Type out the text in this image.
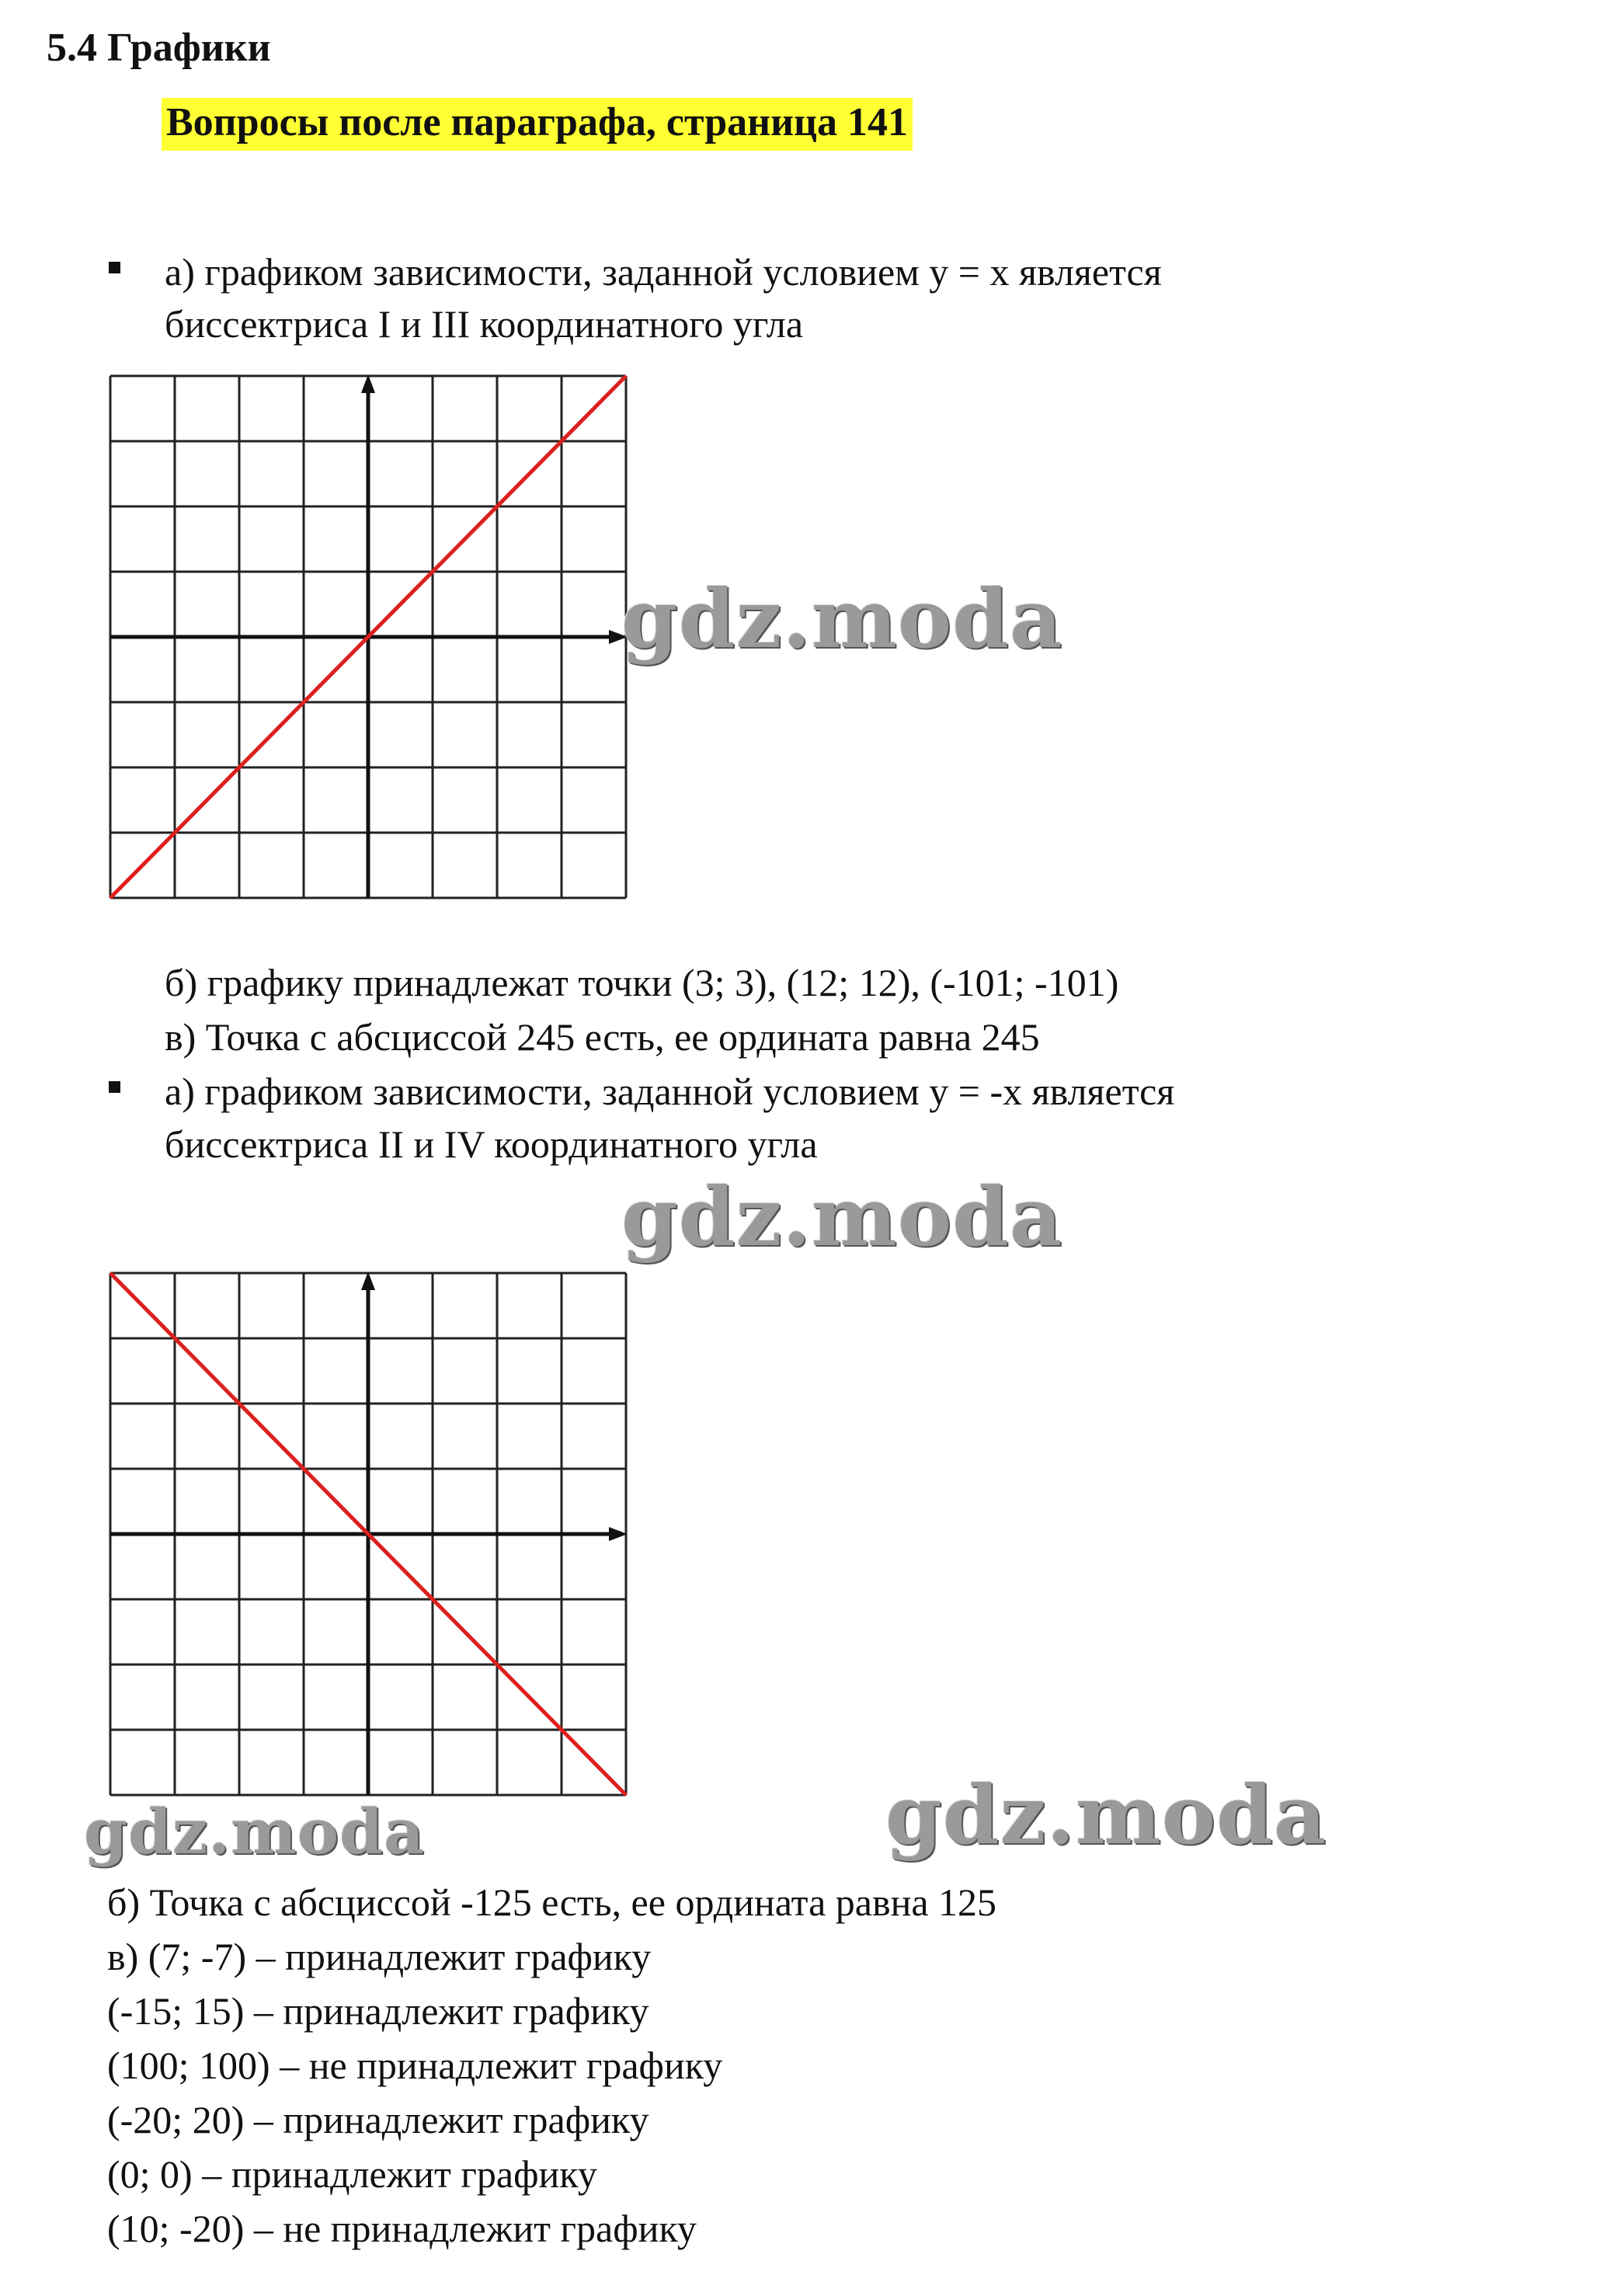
5.4 Графики
Вопросы после параграфа, страница 141
а) графиком зависимости, заданной условием y = x является
биссектриса I и III координатного угла
gdz.moda
б) графику принадлежат точки (3; 3), (12; 12), (-101; -101)
в) Точка с абсциссой 245 есть, ее ордината равна 245
а) графиком зависимости, заданной условием y = -x является
биссектриса II и IV координатного угла
gdz.moda
gdz.moda	gdz.moda
б) Точка с абсциссой -125 есть, ее ордината равна 125
в) (7; -7) – принадлежит графику
(-15; 15) – принадлежит графику
(100; 100) – не принадлежит графику
(-20; 20) – принадлежит графику
(0; 0) – принадлежит графику
(10; -20) – не принадлежит графику
